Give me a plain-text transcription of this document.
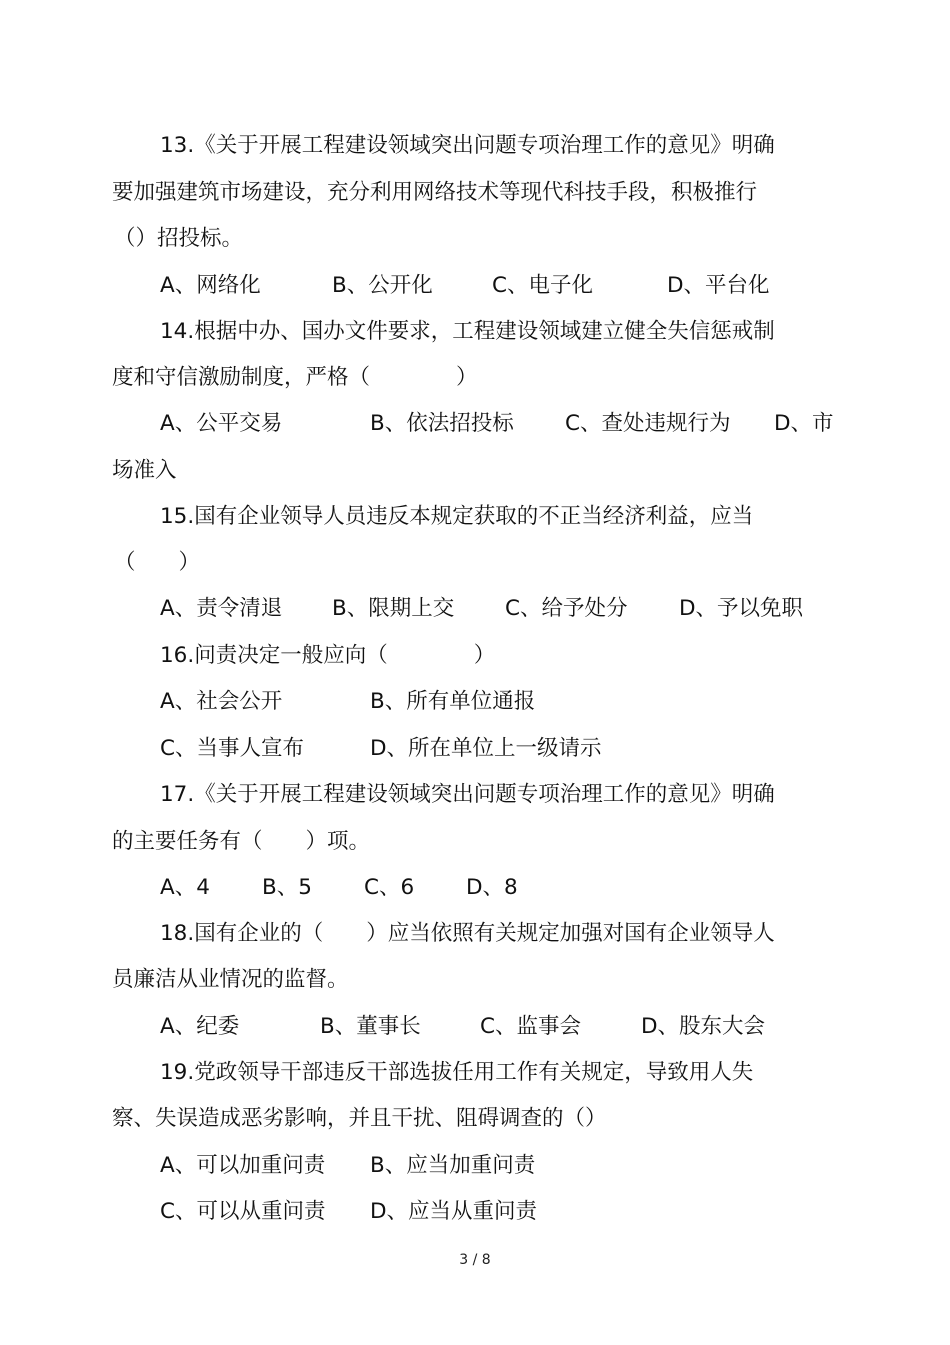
13.《关于开展工程建设领域突出问题专项治理工作的意见》明确
要加强建筑市场建设，充分利用网络技术等现代科技手段，积极推行
（）招投标。
A、网络化	B、公开化	C、电子化	D、平台化
14.根据中办、国办文件要求，工程建设领域建立健全失信惩戒制
度和守信激励制度，严格（　　　　）
A、公平交易	B、依法招投标 C、查处违规行为 D、市
场准入
15.国有企业领导人员违反本规定获取的不正当经济利益，应当
（　　）
A、责令清退 B、限期上交 C、给予处分 D、予以免职
16.问责决定一般应向（　　　　）
A、社会公开	B、所有单位通报
C、当事人宣布	D、所在单位上一级请示
17.《关于开展工程建设领域突出问题专项治理工作的意见》明确
的主要任务有（　　）项。
A、4 B、5 C、6 D、8
18.国有企业的（　　）应当依照有关规定加强对国有企业领导人
员廉洁从业情况的监督。
A、纪委	B、董事长	C、监事会	D、股东大会
19.党政领导干部违反干部选拔任用工作有关规定，导致用人失
察、失误造成恶劣影响，并且干扰、阻碍调查的（）
A、可以加重问责 B、应当加重问责
C、可以从重问责 D、应当从重问责
3 / 8
